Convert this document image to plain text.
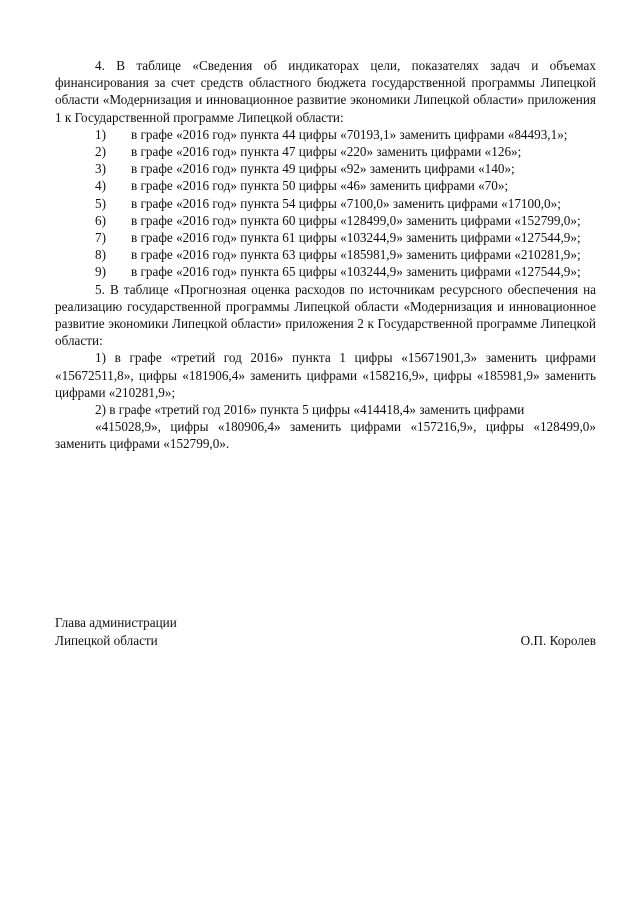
4. В таблице «Сведения об индикаторах цели, показателях задач и объемах финансирования за счет средств областного бюджета государственной программы Липецкой области «Модернизация и инновационное развитие экономики Липецкой области» приложения 1 к Государственной программе Липецкой области:

1) в графе «2016 год» пункта 44 цифры «70193,1» заменить цифрами «84493,1»;

2) в графе «2016 год» пункта 47 цифры «220» заменить цифрами «126»;

3) в графе «2016 год» пункта 49 цифры «92» заменить цифрами «140»;

4) в графе «2016 год» пункта 50 цифры «46» заменить цифрами «70»;

5) в графе «2016 год» пункта 54 цифры «7100,0» заменить цифрами «17100,0»;

6) в графе «2016 год» пункта 60 цифры «128499,0» заменить цифрами «152799,0»;

7) в графе «2016 год» пункта 61 цифры «103244,9» заменить цифрами «127544,9»;

8) в графе «2016 год» пункта 63 цифры «185981,9» заменить цифрами «210281,9»;

9) в графе «2016 год» пункта 65 цифры «103244,9» заменить цифрами «127544,9»;

5. В таблице «Прогнозная оценка расходов по источникам ресурсного обеспечения на реализацию государственной программы Липецкой области «Модернизация и инновационное развитие экономики Липецкой области» приложения 2 к Государственной программе Липецкой области:

1) в графе «третий год 2016» пункта 1 цифры «15671901,3» заменить цифрами «15672511,8», цифры «181906,4» заменить цифрами «158216,9», цифры «185981,9» заменить цифрами «210281,9»;

2) в графе «третий год 2016» пункта 5 цифры «414418,4» заменить цифрами

«415028,9», цифры «180906,4» заменить цифрами «157216,9», цифры «128499,0» заменить цифрами «152799,0».

Глава администрации
Липецкой области	О.П. Королев
